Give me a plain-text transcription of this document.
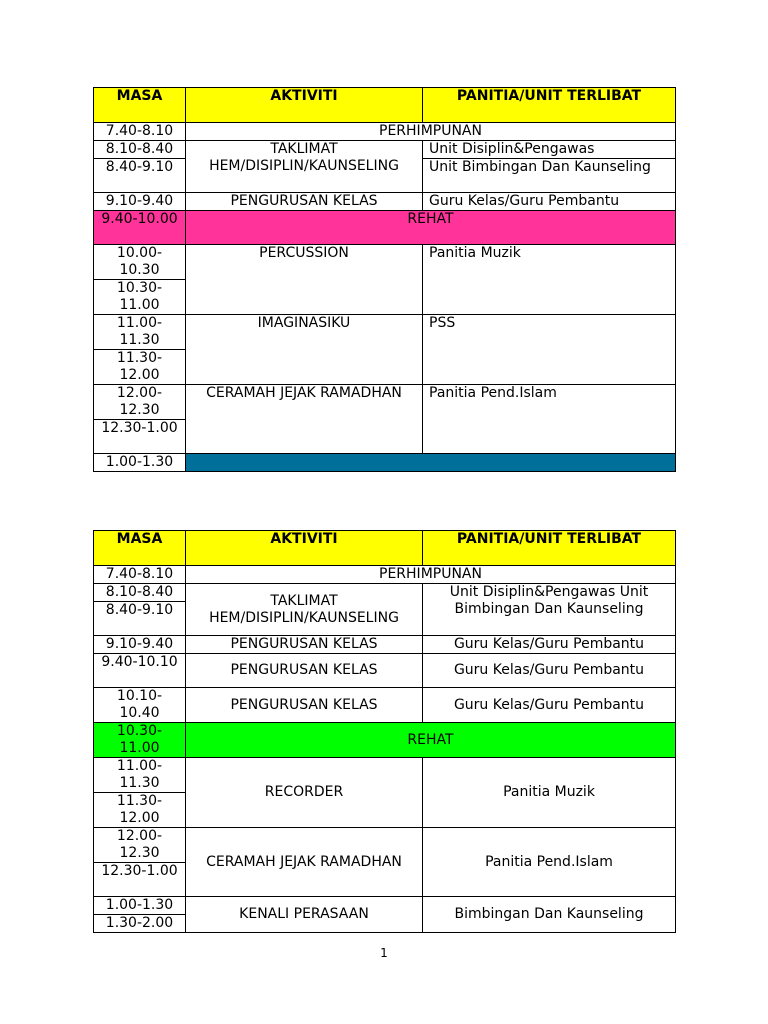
MASA	AKTIVITI	PANITIA/UNIT TERLIBAT
7.40-8.10	PERHIMPUNAN	
8.10-8.40	TAKLIMAT HEM/DISIPLIN/KAUNSELING	Unit Disiplin&Pengawas
8.40-9.10		Unit Bimbingan Dan Kaunseling
9.10-9.40	PENGURUSAN KELAS	Guru Kelas/Guru Pembantu
9.40-10.00	REHAT	
10.00-10.30	PERCUSSION	Panitia Muzik
10.30-11.00		
11.00-11.30	IMAGINASIKU	PSS
11.30-12.00		
12.00-12.30	CERAMAH JEJAK RAMADHAN	Panitia Pend.Islam
12.30-1.00		
1.00-1.30		
MASA	AKTIVITI	PANITIA/UNIT TERLIBAT
7.40-8.10	PERHIMPUNAN	
8.10-8.40	TAKLIMAT HEM/DISIPLIN/KAUNSELING	Unit Disiplin&Pengawas Unit Bimbingan Dan Kaunseling
8.40-9.10		
9.10-9.40	PENGURUSAN KELAS	Guru Kelas/Guru Pembantu
9.40-10.10	PENGURUSAN KELAS	Guru Kelas/Guru Pembantu
10.10-10.40	PENGURUSAN KELAS	Guru Kelas/Guru Pembantu
10.30-11.00	REHAT	
11.00-11.30	RECORDER	Panitia Muzik
11.30-12.00		
12.00-12.30	CERAMAH JEJAK RAMADHAN	Panitia Pend.Islam
12.30-1.00		
1.00-1.30	KENALI PERASAAN	Bimbingan Dan Kaunseling
1.30-2.00		
1
